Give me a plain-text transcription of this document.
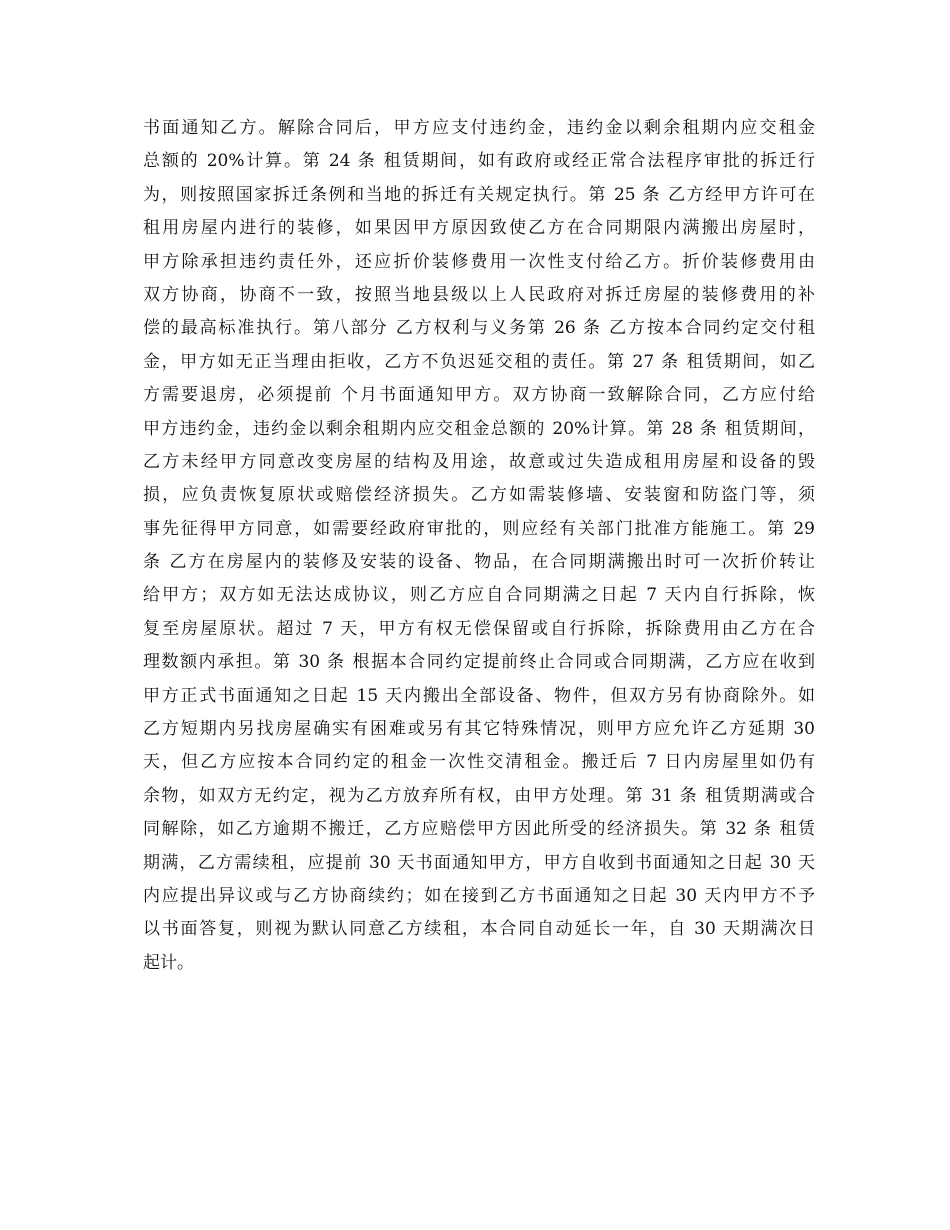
书面通知乙方。解除合同后，甲方应支付违约金，违约金以剩余租期内应交租金
总额的 20%计算。第 24 条 租赁期间，如有政府或经正常合法程序审批的拆迁行
为，则按照国家拆迁条例和当地的拆迁有关规定执行。第 25 条 乙方经甲方许可在
租用房屋内进行的装修，如果因甲方原因致使乙方在合同期限内满搬出房屋时，
甲方除承担违约责任外，还应折价装修费用一次性支付给乙方。折价装修费用由
双方协商，协商不一致，按照当地县级以上人民政府对拆迁房屋的装修费用的补
偿的最高标准执行。第八部分 乙方权利与义务第 26 条 乙方按本合同约定交付租
金，甲方如无正当理由拒收，乙方不负迟延交租的责任。第 27 条 租赁期间，如乙
方需要退房，必须提前 个月书面通知甲方。双方协商一致解除合同，乙方应付给
甲方违约金，违约金以剩余租期内应交租金总额的 20%计算。第 28 条 租赁期间，
乙方未经甲方同意改变房屋的结构及用途，故意或过失造成租用房屋和设备的毁
损，应负责恢复原状或赔偿经济损失。乙方如需装修墙、安装窗和防盗门等，须
事先征得甲方同意，如需要经政府审批的，则应经有关部门批准方能施工。第 29
条 乙方在房屋内的装修及安装的设备、物品，在合同期满搬出时可一次折价转让
给甲方；双方如无法达成协议，则乙方应自合同期满之日起 7 天内自行拆除，恢
复至房屋原状。超过 7 天，甲方有权无偿保留或自行拆除，拆除费用由乙方在合
理数额内承担。第 30 条 根据本合同约定提前终止合同或合同期满，乙方应在收到
甲方正式书面通知之日起 15 天内搬出全部设备、物件，但双方另有协商除外。如
乙方短期内另找房屋确实有困难或另有其它特殊情况，则甲方应允许乙方延期 30
天，但乙方应按本合同约定的租金一次性交清租金。搬迁后 7 日内房屋里如仍有
余物，如双方无约定，视为乙方放弃所有权，由甲方处理。第 31 条 租赁期满或合
同解除，如乙方逾期不搬迁，乙方应赔偿甲方因此所受的经济损失。第 32 条 租赁
期满，乙方需续租，应提前 30 天书面通知甲方，甲方自收到书面通知之日起 30 天
内应提出异议或与乙方协商续约；如在接到乙方书面通知之日起 30 天内甲方不予
以书面答复，则视为默认同意乙方续租，本合同自动延长一年，自 30 天期满次日
起计。
